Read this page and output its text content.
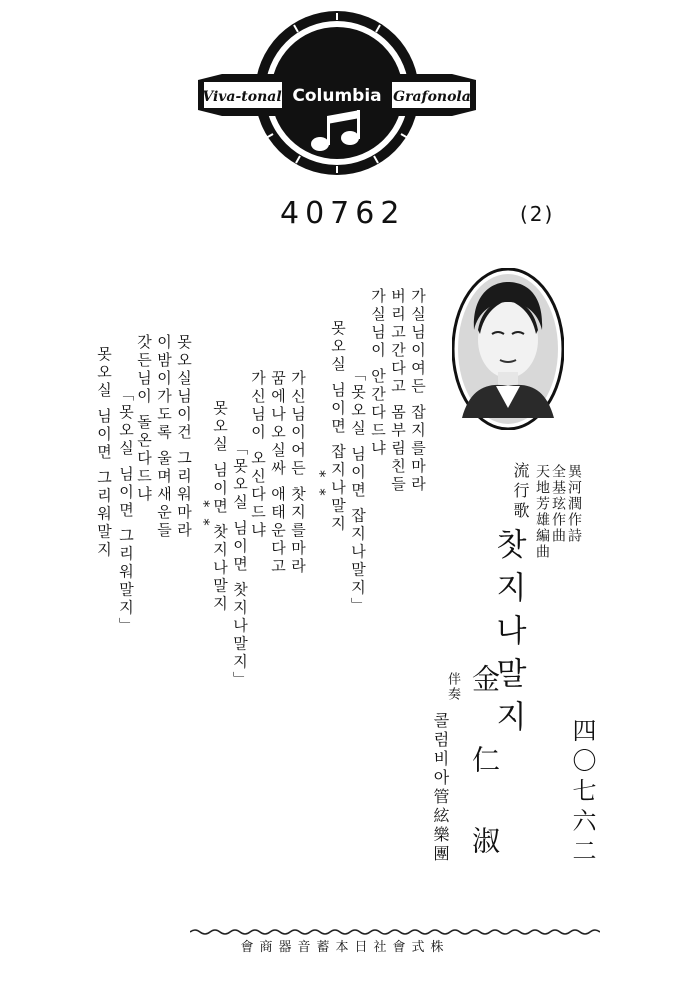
Viva-tonal Columbia Grafonola
40762	(2)
流行歌
찻지나말지
異河潤作詩
全基玹作曲
天地芳雄編曲
金 仁 淑
伴奏
콜럼비아管絃樂團	四〇七六二
가실님이여든 잡지를마라
버리고간다고 몸부림친들
가실님이 안간다드냐
「못오실 님이면 잡지나말지」
못오실 님이면 잡지나말지
* *
가신님이어든 찻지를마라
꿈에나오실싸 애태운다고
가신님이 오신다드냐
「못오실 님이면 찻지나말지」
못오실 님이면 찻지나말지
* *
못오실님이건 그리워마라
이밤이가도록 울며새운들
갓든님이 돌온다드냐
「못오실 님이면 그리워말지」
못오실 님이면 그리워말지
會商器音蓄本日社會式株
